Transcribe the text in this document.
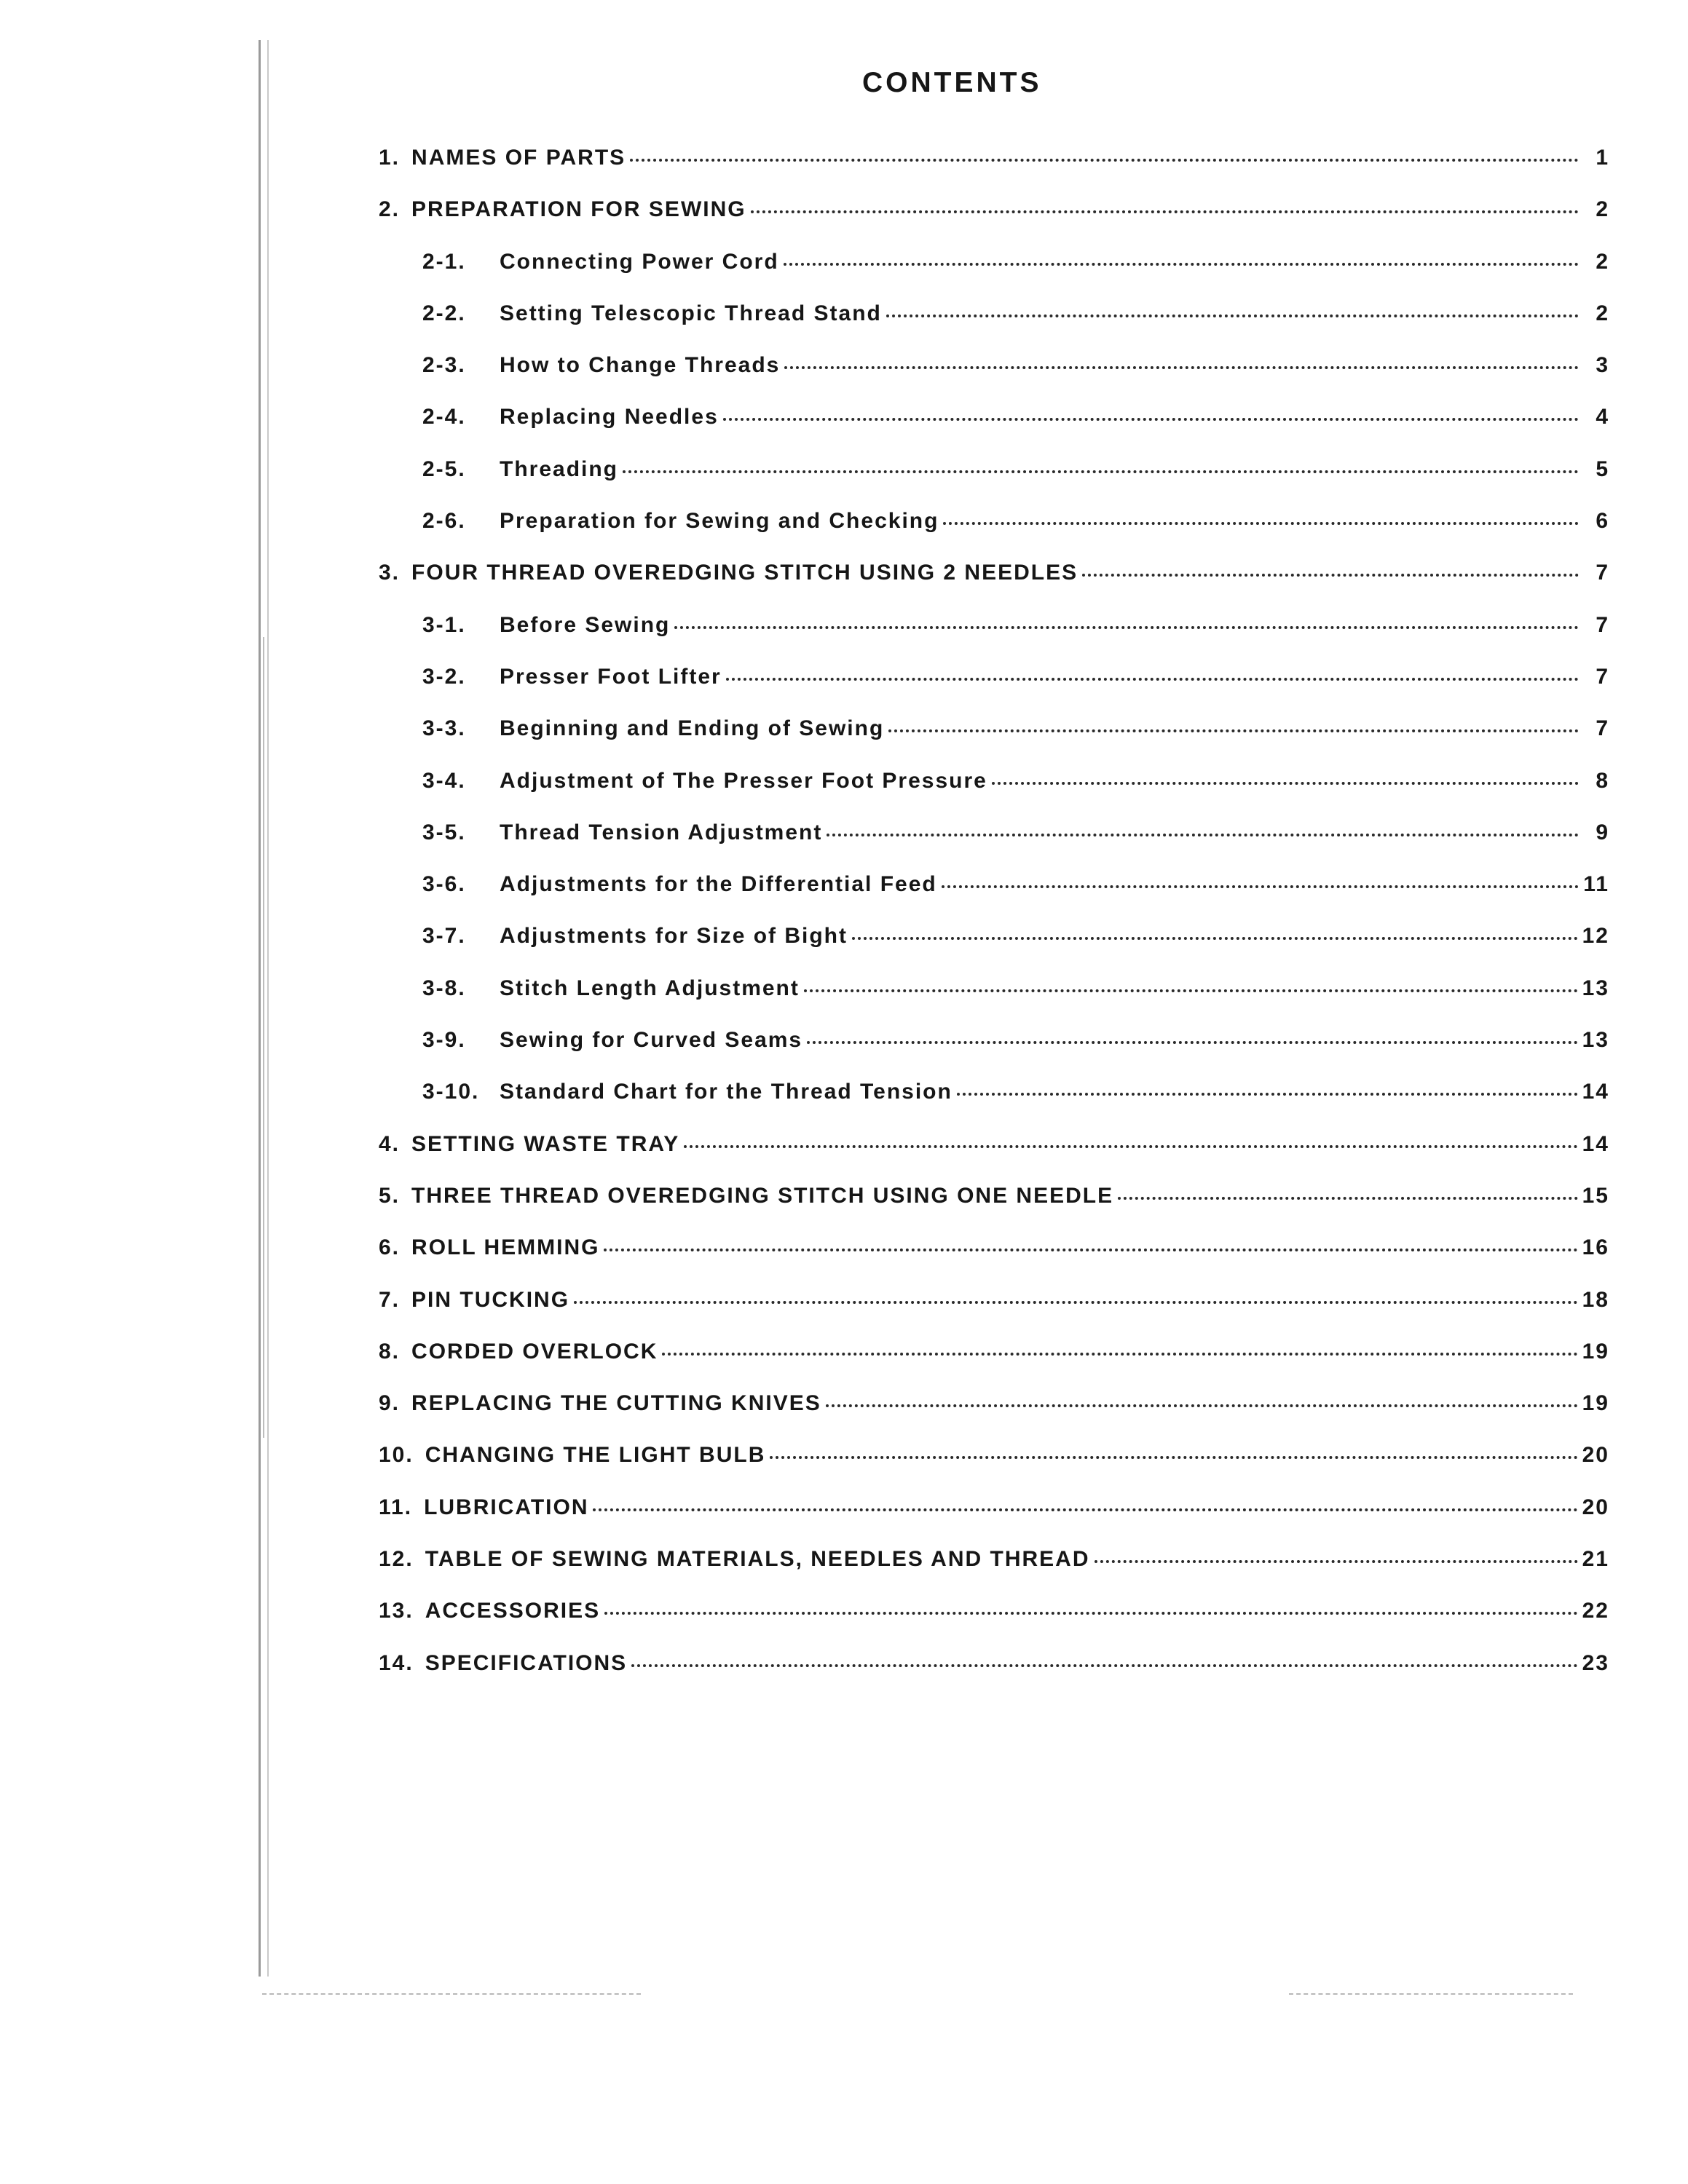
CONTENTS
1. NAMES OF PARTS	1
2. PREPARATION FOR SEWING	2
2-1.	Connecting Power Cord	2
2-2.	Setting Telescopic Thread Stand	2
2-3.	How to Change Threads	3
2-4.	Replacing Needles	4
2-5.	Threading	5
2-6.	Preparation for Sewing and Checking	6
3. FOUR THREAD OVEREDGING STITCH USING 2 NEEDLES	7
3-1.	Before Sewing	7
3-2.	Presser Foot Lifter	7
3-3.	Beginning and Ending of Sewing	7
3-4.	Adjustment of The Presser Foot Pressure	8
3-5.	Thread Tension Adjustment	9
3-6.	Adjustments for the Differential Feed	11
3-7.	Adjustments for Size of Bight	12
3-8.	Stitch Length Adjustment	13
3-9.	Sewing for Curved Seams	13
3-10. Standard Chart for the Thread Tension	14
4. SETTING WASTE TRAY	14
5. THREE THREAD OVEREDGING STITCH USING ONE NEEDLE	15
6. ROLL HEMMING	16
7. PIN TUCKING	18
8. CORDED OVERLOCK	19
9. REPLACING THE CUTTING KNIVES	19
10. CHANGING THE LIGHT BULB	20
11. LUBRICATION	20
12. TABLE OF SEWING MATERIALS, NEEDLES AND THREAD	21
13. ACCESSORIES	22
14. SPECIFICATIONS	23
